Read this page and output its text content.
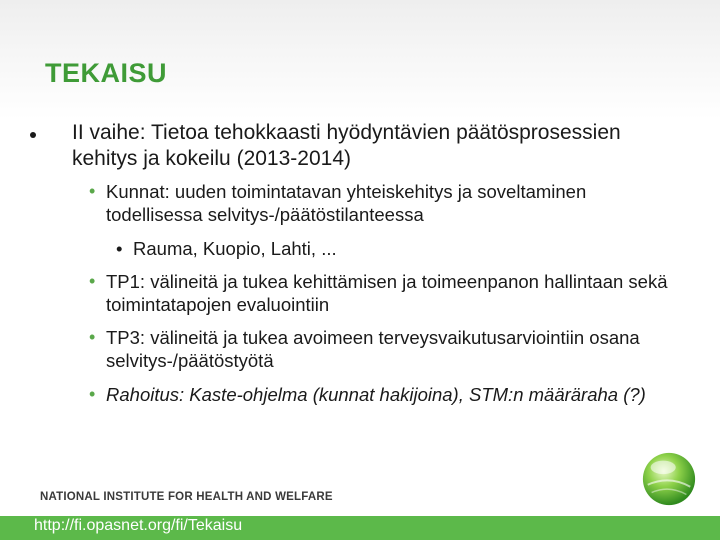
TEKAISU
II vaihe: Tietoa tehokkaasti hyödyntävien päätösprosessien kehitys ja kokeilu (2013-2014)
• Kunnat: uuden toimintatavan yhteiskehitys ja soveltaminen todellisessa selvitys-/päätöstilanteessa
• Rauma, Kuopio, Lahti, ...
• TP1: välineitä ja tukea kehittämisen ja toimeenpanon hallintaan sekä toimintatapojen evaluointiin
• TP3: välineitä ja tukea avoimeen terveysvaikutusarviointiin osana selvitys-/päätöstyötä
• Rahoitus: Kaste-ohjelma (kunnat hakijoina), STM:n määräraha (?)
NATIONAL INSTITUTE FOR HEALTH AND WELFARE
http://fi.opasnet.org/fi/Tekaisu
